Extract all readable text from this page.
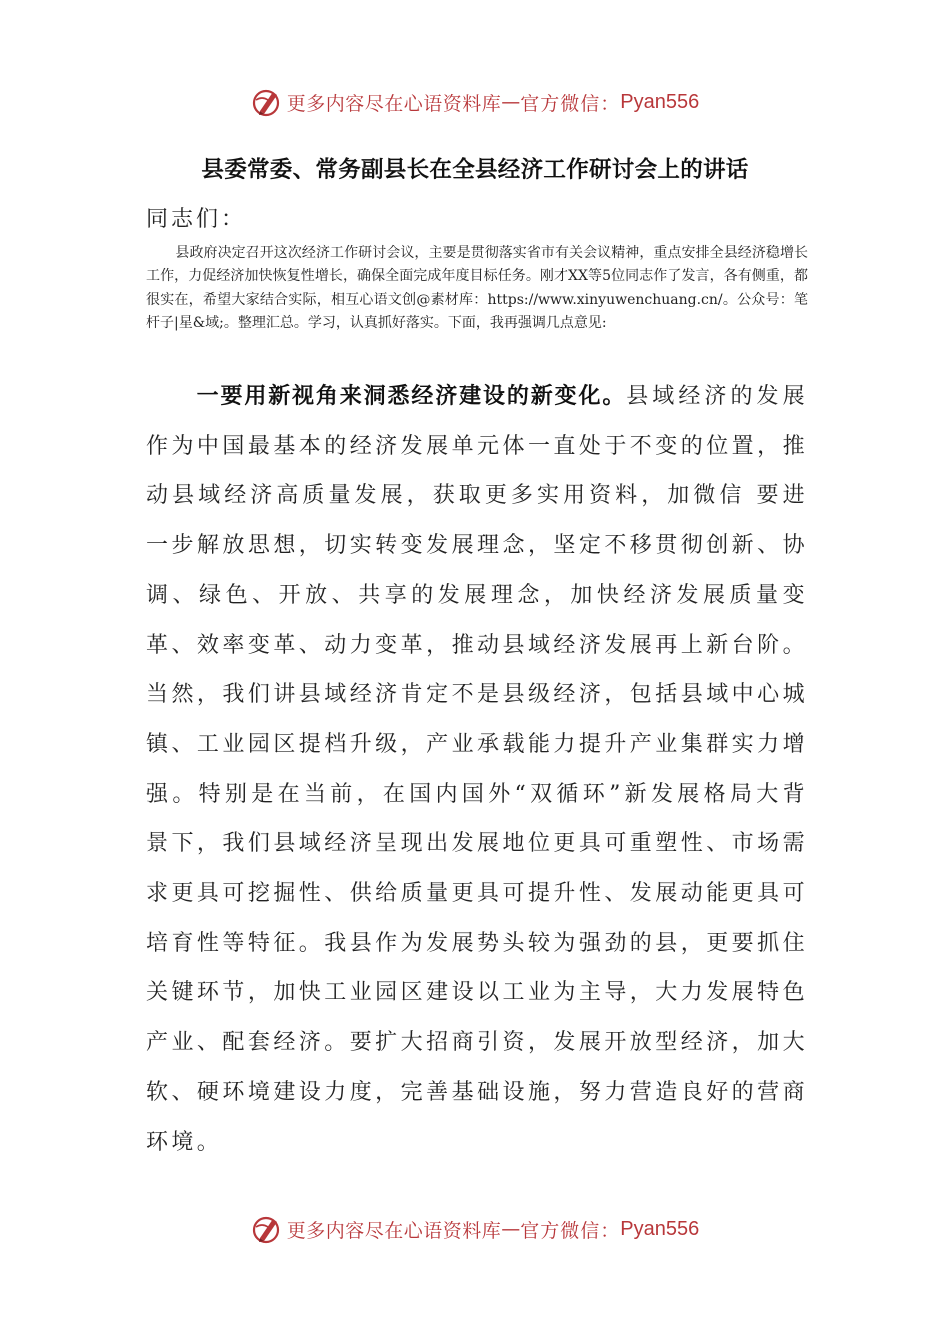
更多内容尽在心语资料库 — 官方微信： Pyan556
县委常委、常务副县长在全县经济工作研讨会上的讲话
同志们：

县政府决定召开这次经济工作研讨会议，主要是贯彻落实省市有关会议精神，重点安排全县经济稳增长工作，力促经济加快恢复性增长，确保全面完成年度目标任务。刚才XX等5位同志作了发言，各有侧重，都很实在，希望大家结合实际，相互心语文创@素材库：https://www.xinyuwenchuang.cn/。公众号：笔杆子|星&域;。整理汇总。学习，认真抓好落实。下面，我再强调几点意见:

一要用新视角来洞悉经济建设的新变化。县域经济的发展作为中国最基本的经济发展单元体一直处于不变的位置，推动县域经济高质量发展，获取更多实用资料，加微信 要进一步解放思想，切实转变发展理念，坚定不移贯彻创新、协调、绿色、开放、共享的发展理念，加快经济发展质量变革、效率变革、动力变革，推动县域经济发展再上新台阶。当然，我们讲县域经济肯定不是县级经济，包括县域中心城镇、工业园区提档升级，产业承载能力提升产业集群实力增强。特别是在当前，在国内国外“双循环”新发展格局大背景下，我们县域经济呈现出发展地位更具可重塑性、市场需求更具可挖掘性、供给质量更具可提升性、发展动能更具可培育性等特征。我县作为发展势头较为强劲的县，更要抓住关键环节，加快工业园区建设以工业为主导，大力发展特色产业、配套经济。要扩大招商引资，发展开放型经济，加大软、硬环境建设力度，完善基础设施，努力营造良好的营商环境。

更多内容尽在心语资料库 — 官方微信： Pyan556
